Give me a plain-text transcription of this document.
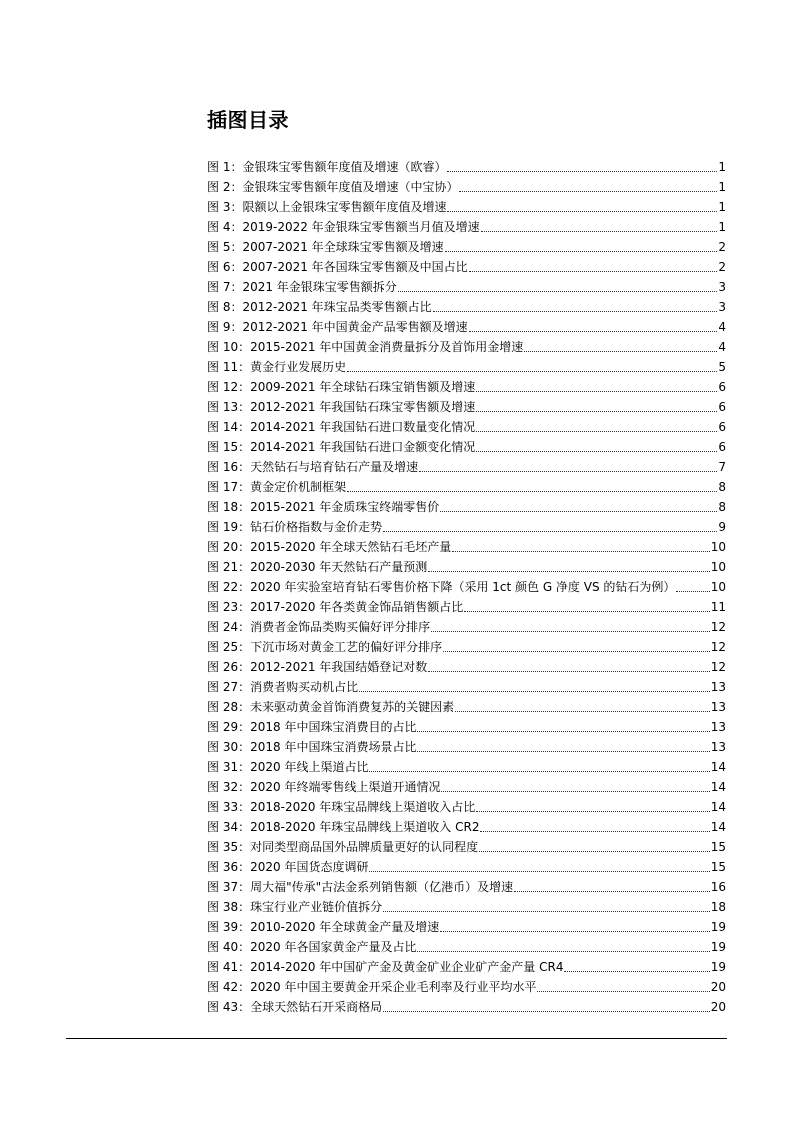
插图目录
图 1：金银珠宝零售额年度值及增速（欧睿）	1
图 2：金银珠宝零售额年度值及增速（中宝协）	1
图 3：限额以上金银珠宝零售额年度值及增速	1
图 4：2019-2022 年金银珠宝零售额当月值及增速	1
图 5：2007-2021 年全球珠宝零售额及增速	2
图 6：2007-2021 年各国珠宝零售额及中国占比	2
图 7：2021 年金银珠宝零售额拆分	3
图 8：2012-2021 年珠宝品类零售额占比	3
图 9：2012-2021 年中国黄金产品零售额及增速	4
图 10：2015-2021 年中国黄金消费量拆分及首饰用金增速	4
图 11：黄金行业发展历史	5
图 12：2009-2021 年全球钻石珠宝销售额及增速	6
图 13：2012-2021 年我国钻石珠宝零售额及增速	6
图 14：2014-2021 年我国钻石进口数量变化情况	6
图 15：2014-2021 年我国钻石进口金额变化情况	6
图 16：天然钻石与培育钻石产量及增速	7
图 17：黄金定价机制框架	8
图 18：2015-2021 年金质珠宝终端零售价	8
图 19：钻石价格指数与金价走势	9
图 20：2015-2020 年全球天然钻石毛坯产量	10
图 21：2020-2030 年天然钻石产量预测	10
图 22：2020 年实验室培育钻石零售价格下降（采用 1ct 颜色 G 净度 VS 的钻石为例）	10
图 23：2017-2020 年各类黄金饰品销售额占比	11
图 24：消费者金饰品类购买偏好评分排序	12
图 25：下沉市场对黄金工艺的偏好评分排序	12
图 26：2012-2021 年我国结婚登记对数	12
图 27：消费者购买动机占比	13
图 28：未来驱动黄金首饰消费复苏的关键因素	13
图 29：2018 年中国珠宝消费目的占比	13
图 30：2018 年中国珠宝消费场景占比	13
图 31：2020 年线上渠道占比	14
图 32：2020 年终端零售线上渠道开通情况	14
图 33：2018-2020 年珠宝品牌线上渠道收入占比	14
图 34：2018-2020 年珠宝品牌线上渠道收入 CR2	14
图 35：对同类型商品国外品牌质量更好的认同程度	15
图 36：2020 年国货态度调研	15
图 37：周大福"传承"古法金系列销售额（亿港币）及增速	16
图 38：珠宝行业产业链价值拆分	18
图 39：2010-2020 年全球黄金产量及增速	19
图 40：2020 年各国家黄金产量及占比	19
图 41：2014-2020 年中国矿产金及黄金矿业企业矿产金产量 CR4	19
图 42：2020 年中国主要黄金开采企业毛利率及行业平均水平	20
图 43：全球天然钻石开采商格局	20
